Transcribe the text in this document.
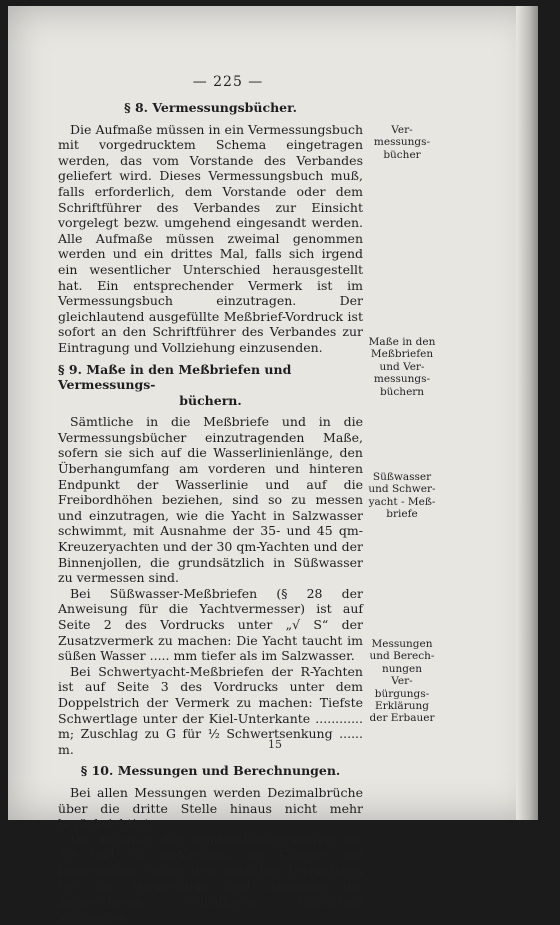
— 225 —
§ 8. Vermessungsbücher.

Die Aufmaße müssen in ein Vermessungsbuch mit vorgedrucktem Schema eingetragen werden, das vom Vorstande des Verbandes geliefert wird. Dieses Vermessungsbuch muß, falls erforderlich, dem Vorstande oder dem Schriftführer des Verbandes zur Einsicht vorgelegt bezw. umgehend eingesandt werden. Alle Aufmaße müssen zweimal genommen werden und ein drittes Mal, falls sich irgend ein wesentlicher Unterschied herausgestellt hat. Ein entsprechender Vermerk ist im Vermessungsbuch einzutragen. Der gleichlautend ausgefüllte Meßbrief-Vordruck ist sofort an den Schriftführer des Verbandes zur Eintragung und Vollziehung einzusenden.

§ 9. Maße in den Meßbriefen und Vermessungs-

büchern.

Sämtliche in die Meßbriefe und in die Vermessungsbücher einzutragenden Maße, sofern sie sich auf die Wasserlinienlänge, den Überhangumfang am vorderen und hinteren Endpunkt der Wasserlinie und auf die Freibordhöhen beziehen, sind so zu messen und einzutragen, wie die Yacht in Salzwasser schwimmt, mit Ausnahme der 35- und 45 qm-Kreuzeryachten und der 30 qm-Yachten und der Binnenjollen, die grundsätzlich in Süßwasser zu vermessen sind.

Bei Süßwasser-Meßbriefen (§ 28 der Anweisung für die Yachtvermesser) ist auf Seite 2 des Vordrucks unter „√ S“ der Zusatzvermerk zu machen: Die Yacht taucht im süßen Wasser ..... mm tiefer als im Salzwasser.

Bei Schwertyacht-Meßbriefen der R-Yachten ist auf Seite 3 des Vordrucks unter dem Doppelstrich der Vermerk zu machen: Tiefste Schwertlage unter der Kiel-Unterkante ............ m; Zuschlag zu G für ½ Schwertsenkung ...... m.

§ 10. Messungen und Berechnungen.

Bei allen Messungen werden Dezimalbrüche über die dritte Stelle hinaus nicht mehr berücksichtigt.

Die Erbauer der Sonderklassenyachten der 30- und 15 qm-Yachten, der Küsten- und Binnenjollen, haben den amtlichen Vermessern bei der Vermessung und Abnahme die nachstehende schriftliche Erklärung abzugeben:

Ver-
messungs-
bücher
Maße in den
Meßbriefen
und Ver-
messungs-
büchern
Süßwasser
und Schwer-
yacht - Meß-
briefe
Messungen
und Berech-
nungen
Ver-
bürgungs-
Erklärung
der Erbauer
15
